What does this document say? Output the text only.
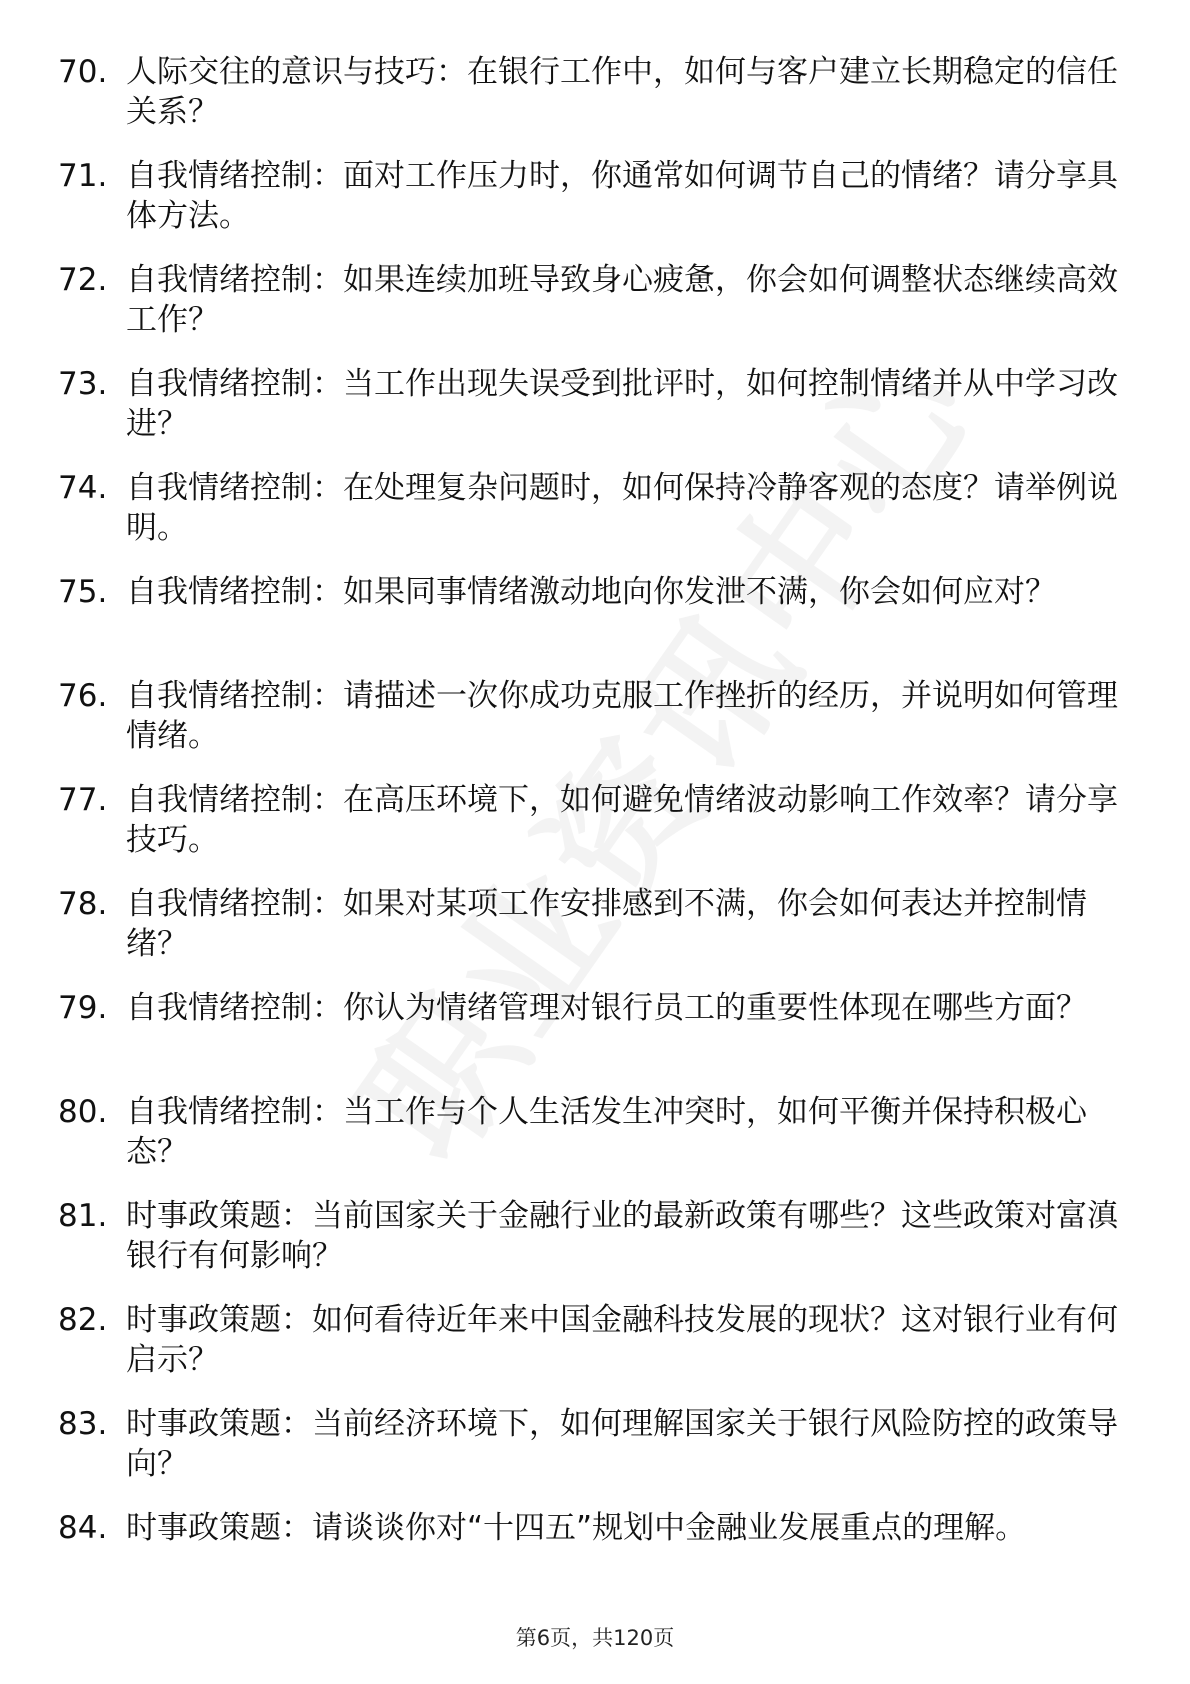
70. 人际交往的意识与技巧：在银行工作中，如何与客户建立长期稳定的信任关系？
71. 自我情绪控制：面对工作压力时，你通常如何调节自己的情绪？请分享具体方法。
72. 自我情绪控制：如果连续加班导致身心疲惫，你会如何调整状态继续高效工作？
73. 自我情绪控制：当工作出现失误受到批评时，如何控制情绪并从中学习改进？
74. 自我情绪控制：在处理复杂问题时，如何保持冷静客观的态度？请举例说明。
75. 自我情绪控制：如果同事情绪激动地向你发泄不满，你会如何应对？
76. 自我情绪控制：请描述一次你成功克服工作挫折的经历，并说明如何管理情绪。
77. 自我情绪控制：在高压环境下，如何避免情绪波动影响工作效率？请分享技巧。
78. 自我情绪控制：如果对某项工作安排感到不满，你会如何表达并控制情绪？
79. 自我情绪控制：你认为情绪管理对银行员工的重要性体现在哪些方面？
80. 自我情绪控制：当工作与个人生活发生冲突时，如何平衡并保持积极心态？
81. 时事政策题：当前国家关于金融行业的最新政策有哪些？这些政策对富滇银行有何影响？
82. 时事政策题：如何看待近年来中国金融科技发展的现状？这对银行业有何启示？
83. 时事政策题：当前经济环境下，如何理解国家关于银行风险防控的政策导向？
84. 时事政策题：请谈谈你对“十四五”规划中金融业发展重点的理解。
第6页，共120页
